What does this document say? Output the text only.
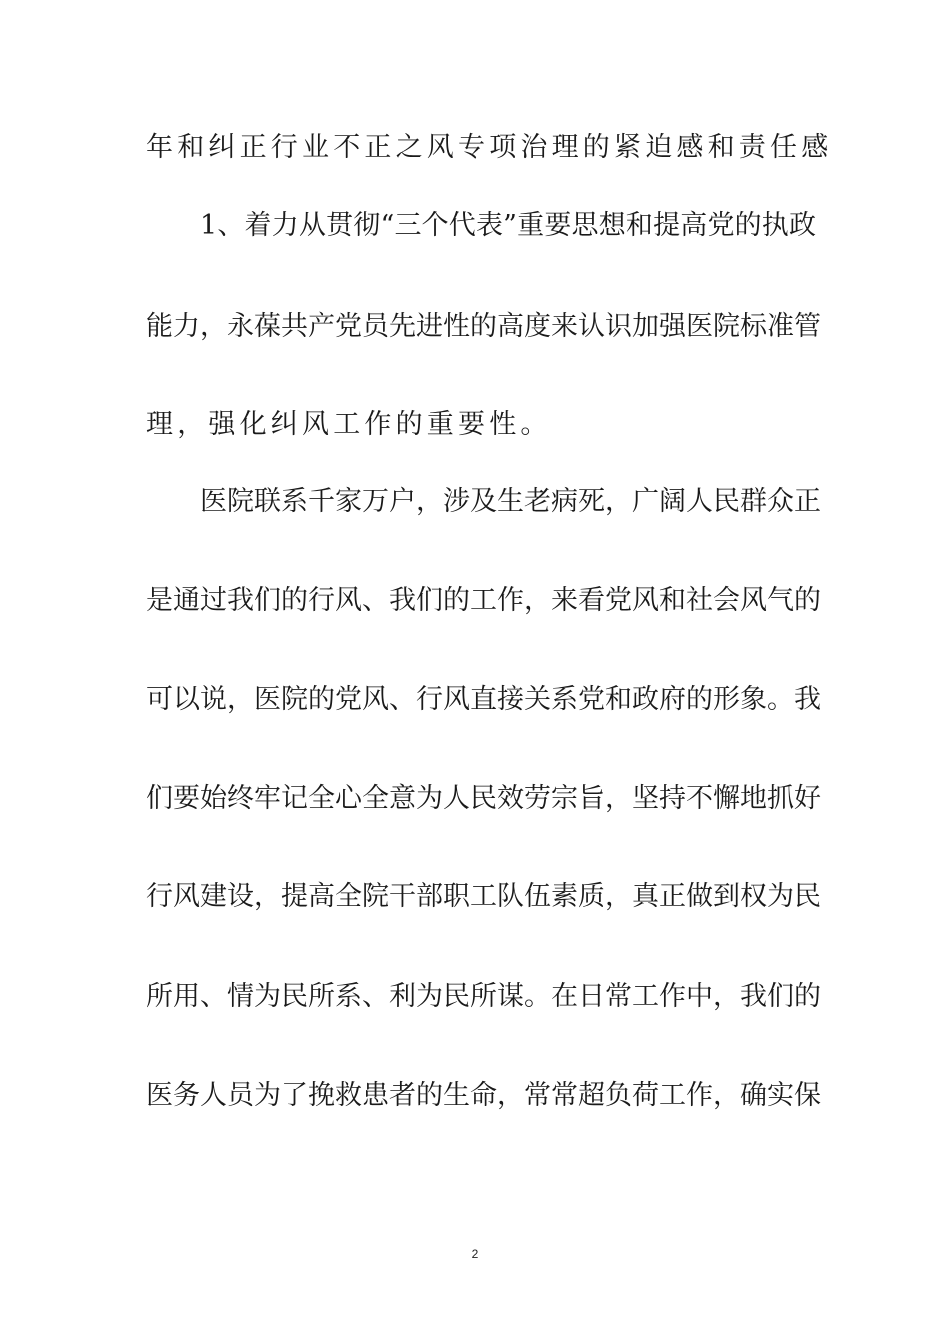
年和纠正行业不正之风专项治理的紧迫感和责任感
1、着力从贯彻“三个代表”重要思想和提高党的执政
能力，永葆共产党员先进性的高度来认识加强医院标准管
理，强化纠风工作的重要性。
医院联系千家万户，涉及生老病死，广阔人民群众正
是通过我们的行风、我们的工作，来看党风和社会风气的
可以说，医院的党风、行风直接关系党和政府的形象。我
们要始终牢记全心全意为人民效劳宗旨，坚持不懈地抓好
行风建设，提高全院干部职工队伍素质，真正做到权为民
所用、情为民所系、利为民所谋。在日常工作中，我们的
医务人员为了挽救患者的生命，常常超负荷工作，确实保
2
